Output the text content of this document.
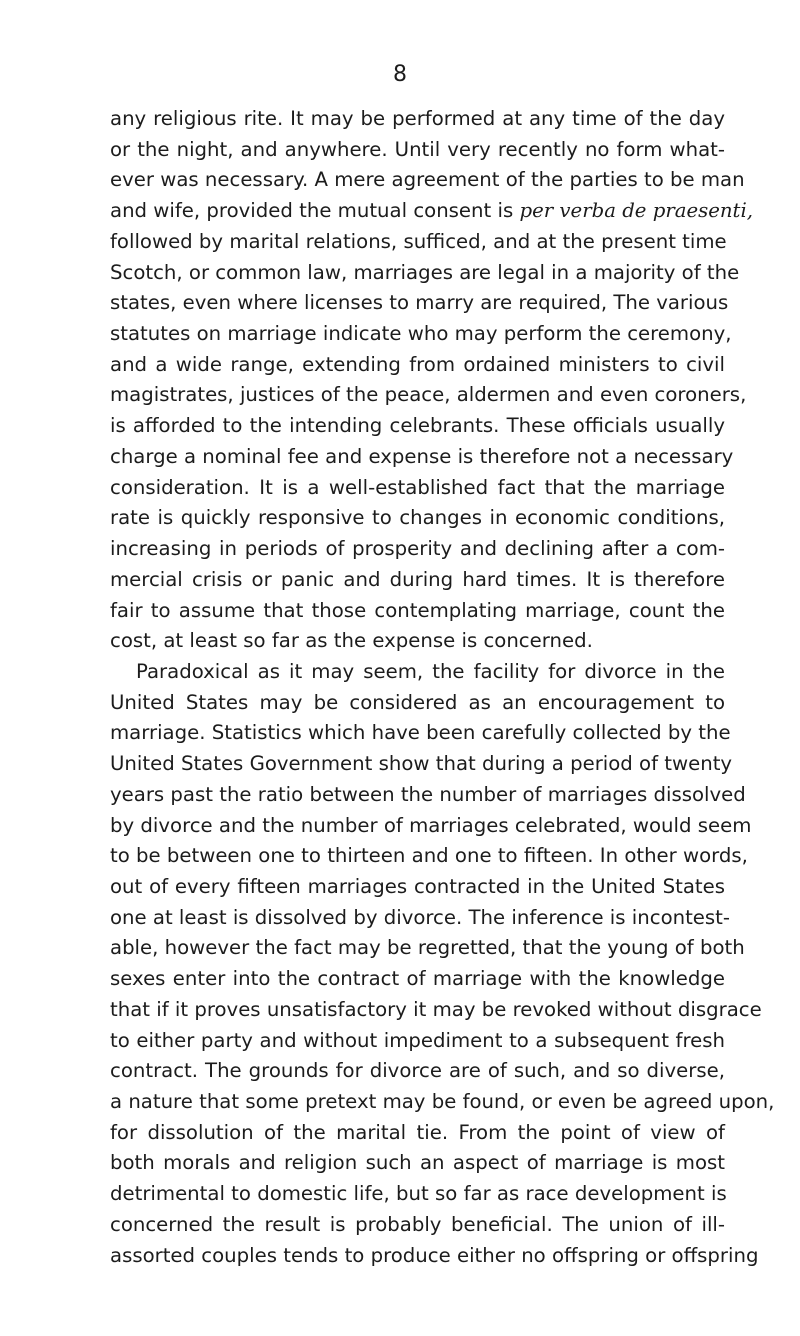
8
any religious rite. It may be performed at any time of the day
or the night, and anywhere. Until very recently no form what-
ever was necessary. A mere agreement of the parties to be man
and wife, provided the mutual consent is per verba de praesenti,
followed by marital relations, sufficed, and at the present time
Scotch, or common law, marriages are legal in a majority of the
states, even where licenses to marry are required, The various
statutes on marriage indicate who may perform the ceremony,
and a wide range, extending from ordained ministers to civil
magistrates, justices of the peace, aldermen and even coroners,
is afforded to the intending celebrants. These officials usually
charge a nominal fee and expense is therefore not a necessary
consideration. It is a well-established fact that the marriage
rate is quickly responsive to changes in economic conditions,
increasing in periods of prosperity and declining after a com-
mercial crisis or panic and during hard times. It is therefore
fair to assume that those contemplating marriage, count the
cost, at least so far as the expense is concerned.
Paradoxical as it may seem, the facility for divorce in the
United States may be considered as an encouragement to
marriage. Statistics which have been carefully collected by the
United States Government show that during a period of twenty
years past the ratio between the number of marriages dissolved
by divorce and the number of marriages celebrated, would seem
to be between one to thirteen and one to fifteen. In other words,
out of every fifteen marriages contracted in the United States
one at least is dissolved by divorce. The inference is incontest-
able, however the fact may be regretted, that the young of both
sexes enter into the contract of marriage with the knowledge
that if it proves unsatisfactory it may be revoked without disgrace
to either party and without impediment to a subsequent fresh
contract. The grounds for divorce are of such, and so diverse,
a nature that some pretext may be found, or even be agreed upon,
for dissolution of the marital tie. From the point of view of
both morals and religion such an aspect of marriage is most
detrimental to domestic life, but so far as race development is
concerned the result is probably beneficial. The union of ill-
assorted couples tends to produce either no offspring or offspring
